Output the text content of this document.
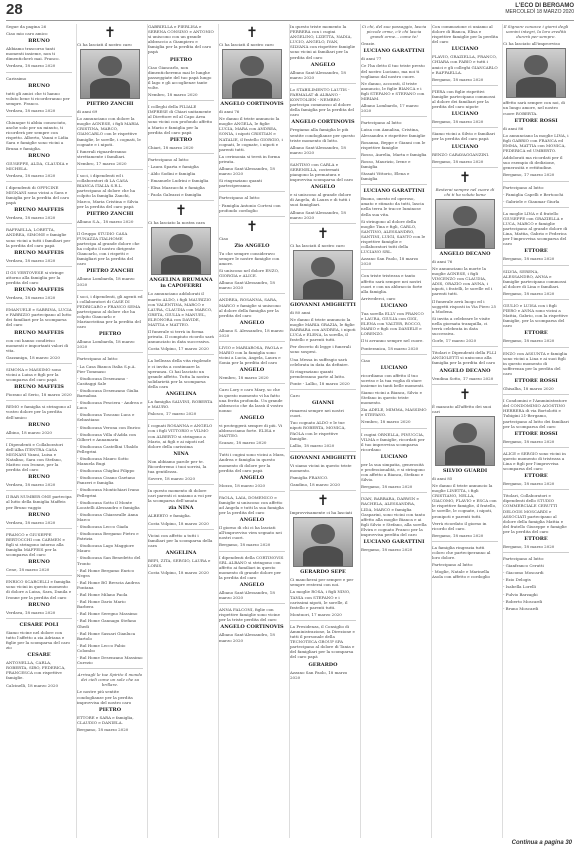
28	L'ECO DI BERGAMO
MERCOLEDÌ 18 MARZO 2020

Segue da pagina 26

Ciao mio caro amico

BRUNO

Abbiamo trascorso tanti momenti insieme, non ti dimenticherò mai. Franco.

Verdava, 18 marzo 2020

Carissimo

BRUNO

tutti gli amici che ti hanno voluto bene ti ricorderanno per sempre. Franco.

Verdava, 18 marzo 2020

Chiunque ti abbia conosciuto, anche solo per un minuto, ti ricorderà per sempre con rispetto. Alberto, Vanni e Lidia Sara e famiglie sono vicini a Bruna e famiglia.

BRUNO

GIUSEPPE, ALDA, CLAUDIA e MICHELA.

Verdava, 18 marzo 2020

I dipendenti di OFFICINE MIGNANI sono vicini a Sara e famiglia per la perdita del caro papà

BRUNO MAFFEIS

Verdava, 18 marzo 2020

RAFFAELLA, LORETTA, ANDREA, SIMONE e famiglie sono vicini a tutti i familiari per la perdita del caro papà

BRUNO MAFFEIS

Verdava, 18 marzo 2020

Il GS VERTOVESE si stringe attorno alla famiglia per la perdita del caro

BRUNO MAFFEIS

Verdava, 18 marzo 2020

EMANUELE e SABRINA, LUCIA e FABRIZIO partecipano al lutto dei familiari per la scomparsa del caro

BRUNO MAFFEIS

con cui hanno condiviso momenti e importanti valori di vita.

Gazzaniga, 18 marzo 2020

SIMONA e MASSIMO sono vicini a Luisa e figli per la scomparsa del caro papà

BRUNO MAFFEIS

Fiorano al Serio, 18 marzo 2020

REMO e famiglia si stringono al vostro dolore per la perdita dell'amico

BRUNO

Albino, 18 marzo 2020

I Dipendenti e Collaboratori dell'Alba ITENTRA CASA MIGNANI Vanni, Luisa e Natalino, Sara con Stefano, Matteo con Ivonne, per la perdita del caro

BRUNO

Verdava, 18 marzo 2020

Il BAR NUMBER ONE partecipa al lutto della famiglia Maffeis per Bruno vaggio

BRUNO

Verdava, 18 marzo 2020

FRANCO e GIUSEPPE BERTOCCHI con CARMEN e figli si stringono intorno alla famiglia MAFFEIS per la scomparsa del caro

BRUNO

Cene, 18 marzo 2020

ENRICO SCARCELLI e famiglia sono vicini in questo momento di dolore a Luisa, Sara, Danila e Ivonne per la perdita del caro

BRUNO

Verdava, 18 marzo 2020

CESARE POLI

Siamo vicine nel dolore con tutto l'affetto a zia Adriana e figlie per la scomparsa del caro zio

CESARE

ANTONELLA, CARLA, ROBERTA, SIRO, FEDERICA, FRANCESCA con rispettive famiglie.

Calcinelli, 18 marzo 2020

✝

Ci ha lasciati il nostro caro

PIETRO ZANCHI

di anni 69

Lo annunciano con dolore la moglie AGNESE, i figli MARIA CRISTINA, MARCO, GIANCARLO con le rispettive famiglie, le sorelle, i cognati, le cognate e i nipoti.

I funerali riguarderanno strettamente i familiari.

Nembro, 17 marzo 2020

I soci, i dipendenti ed i collaboratori di LA CASA BIANCA ITALIA S.R.L. partecipano al dolore che ha colpito la famiglia Zanchi, Marco, Maria Cristina e Silvia per la perdita del caro papà

PIETRO ZANCHI

Albano S.A., 18 marzo 2020

Il Gruppo STUDIO CASA FUNAZZA ITALHOME partecipa al grande dolore che ha colpito il nostro dirigente Giancarlo, con i rispetti e famigliari per la perdita del caro

PIETRO ZANCHI

Albano Lombarda, 18 marzo 2020

I soci, i dipendenti, gli agenti ed i collaboratori di CASE DI FEDRICARO e FRANCO SEMA partecipano al dolore che ha colpito Giancarlo e Mariacristina per la perdita del caro

PIETRO

Albano Lombarda, 18 marzo 2020

Partecipano al lutto:

- La Casa Bianca Italia S.p.A. Pier Tommaso

- Studiocasa Desenzano - Casitaggi Sale

- Studiocasa Desenzano Giulia Barnaboa

- Studiocasa Pesciera - Andrea e Luca

- Studiocasa Toscano Luca e Sebastiano

- Studiocasa Verona con Enrico

- Studiocasa Villa d'Adda con Gilbert e Annamaria

- Studiocasa Castellini Ubaldo Pellegrini

- Studiocasa Mauro Sotto Manuela Bugi

- Studiocasa Chiglini Filippo

- Studiocasa Cisano Gaetano Panzeri e famiglia

- Studiocasa Montichiari Ivano Pellegrini

- Studiocasa Sotto il Monte Locatelli Alessandro e famiglia

- Studiocasa Chiaravalle Anna Marco

- Studiocasa Lecco Giada

- Studiocasa Bergamo Pietro e Patrizia

- Studiocasa Lago Maggiore Mauro

- Studiocasa San Benedetto del Tronto

- Rul Home Bergamo Enrico Negra

- Rul Home BG Brescia Andrea Fontana

- Rul Home Milano Paola

- Rul Home Dario Mario Barbera

- Rul Home Seregno Massimo

- Rul Home Gannagu Stefano Ghedi

- Rul Home Sassari Gianluca Bartolo

- Rul Home Lecco Fabio Colombo

- Rul Home Desenzano Massimo Curezio

Arrivagli le tue Spirito il mondo dei cieli come un sole che sa brillare.

Le nostre più sentite condoglianze per la perdita improvvisa del nostro caro

PIETRO

ETTORE e SARA e famiglia, CLAUDIO e DANIELA.

Bergamo, 18 marzo 2020

GABRIELLA e PIERLISA e SERENA CONSINO e ANTONIO si uniscono con un grande abbraccio a Giampiero e famiglia per la perdita del caro papà

PIETRO

Ciao Giancarlo, non dimenticheremo mai le lunghe passeggiate del tuo papà lungo il lago e gli accoglienze tante volte.

Nembro, 18 marzo 2020

I colleghi della FILIALE IMPRESE di Chiari unitamente al Direttore ed al Capo Area sono vicini con profondo affetto a Mario e famiglia per la perdita del caro papà

PIETRO

Chiari, 18 marzo 2020

Partecipano al lutto:

- Laura Sparta e famiglia

- Aldo Sodini e famiglia

- Emanuele Ludrini e famiglia

- Elisa Mazzucchi e famiglia

- Paola Galeazzi e famiglia

✝

Ci ha lasciato la nostra cara

ANGELINA BRUMANA in CAPOFERRI

Lo annunciano addolorati il marito ALDO, i figli MAURIZIO con VALENTINA, MARCO e LAURA, CLAUDIA con MARCO, GRETA, GIULIA e MANUEL, ELEONORA con DAVIDE, MATTIA e MATTEO.

Il funerale si terrà in forma privata. Il compiuto ricordo sarà annunciato in data successiva.

Costa Volpino, 17 marzo 2020

La bellezza della vita risplende e ci invita a continuare la speranza. Ci hai lasciato un grande affetto. Tutta la nostra solidarietà per la scomparsa della cara

ANGELINA

La famiglia SALVINI, ROBERTA e MAURO.

Palosco, 17 marzo 2020

I cognati ROSANNA e ANGELO con i figli VITTORIO e VILMO con ALBERTO si stringono a Mario, ai figli e ai nipoti nel dolore della carissima

NINA

Non abbiamo parole per te. Ricorderemo i tuoi sorrisi, la tua gentilezza.

Sovere, 18 marzo 2020

In questo momento di dolore cari parenti ci uniamo a voi per la scomparsa dell'amata

zia NINA

ALBERTO e famiglia.

Costa Volpino, 18 marzo 2020

Vicini con affetto a tutti i familiari per la scomparsa della cara

ANGELINA

BEPI, ZITA, SERGIO, LAURA e LORIS.

Costa Volpino, 18 marzo 2020

✝

Ci ha lasciati il nostro caro

ANGELO CORTINOVIS

di anni 76

Ne danno il triste annuncio la moglie ANGELA, le figlie LUCIA, MARA con ANDREA, SONIA, i nipoti CRISTIAN e NATALIE, il fratello GIORGIO, i cognati, le cognate, i nipoti e parenti tutti.

La cerimonia si terrà in forma privata.

Albano Sant'Alessandro, 18 marzo 2020

Si ringraziano quanti parteciperanno.

Partecipano al lutto:

- Famiglia Antonio Cortesi con profondo cordoglio

✝

Ciao

Zio ANGELO

Tu che sempre consideravo sempre le nostre famiglie con amore.

Si uniscono nel dolore ENZO, GIORGIA e ALICE.

Albano Sant'Alessandro, 18 marzo 2020

ANDREA, ROSANNA, SARA, MARCO e famiglie si uniscono al dolore della famiglia per la perdita del caro

ANGELO

Albano S. Alessandro, 18 marzo 2020

LIVIO e MARIAROSA, PAOLA e MARIO con la famiglia sono vicini a Lucia, Angela, Laura e Sonia per la perdita del caro

ANGELO

Nembro, 18 marzo 2020

Caro Lory e caro Mary, so che in questo momento vi ha fatto una ferita profonda. Un grande abbraccio che da lassù il vostro nonno

ANGELO

vi proteggerà sempre di più. Vi abbracciamo forte. ELISA e MATTEO.

Scanzo, 18 marzo 2020

Tutti i cugini sono vicini a Mara, Andrea e famiglia in questo momento di dolore per la perdita del caro papà

ANGELO

Mozzo, 18 marzo 2020

PAOLA, LAIA, DOMENICO e famiglie si uniscono con affetto ad Angela e tutti la sua famiglia per la perdita del caro

ANGELO

Il giorno di chi ci ha lasciati all'improvviso vien segnato nei nostri cuori.

Bergamo, 18 marzo 2020

I dipendenti della CORTINOVIS SRL ALBANO si stringono con affetto ai familiari in questo momento di grande dolore per la perdita del caro

ANGELO

Albano Sant'Alessandro, 18 marzo 2020

ANNA FALCONI, figlie con rispettive famiglie sono vicine per la triste perdita del caro

ANGELO CORTINOVIS

Albano Sant'Alessandro, 18 marzo 2020

In questo triste momento la FERRERA con i cugini ANGELINO, LIZETTA, NADIA, LUCIO, ANGELO, IVAN, SILVANA con rispettive famiglie sono vicini ai familiari per la perdita del caro

ANGELO

Albano Sant'Alessandro, 18 marzo 2020

Lo STABILIMENTO LAUTIS - FARMALAT di ALBANO - KONTOLIEN - NEMBRO partecipa commosso al dolore della famiglia per la perdita del caro

ANGELO CORTINOVIS

Pregiamo alla famiglia le più sentite condoglianze per questo triste momento di lutto.

Albano Sant'Alessandro, 18 marzo 2020

SANTINO con CARLA e SERENELLA, costernati piangono la prematura e improvvisa scomparsa del caro

ANGELO

e si uniscono al grande dolore di Angela, di Laura e di tutti i suoi famigliari.

Albano Sant'Alessandro, 18 marzo 2020

✝

Ci ha lasciati il nostro caro

GIOVANNI AMIGHETTI

di 80 anni

Ne danno il triste annuncio la moglie MARIA GRAZIA, le figlie BARBARA con ANDREA, i nipoti LUCA e ELENA, la sorella, il fratello e parenti tutti.

Per decreto di legge i funerali sono sospesi.

Una Messa in suffragio sarà celebrata in data da definire.

Si ringraziano quanti prenderanno parte al lutto.

Ponte - Lallio, 18 marzo 2020

Caro

GIANNI

rimarrai sempre nei nostri cuori.

Tuo cognato ALDO e le tue nipoti ROBERTA, MONICA, PAOLA con le rispettive famiglie.

Lallio, 18 marzo 2020

GIOVANNI AMIGHETTI

Vi siamo vicini in questo triste momento.

Famiglia FRANCO.

Gandino, 18 marzo 2020

✝

Improvvisamente ci ha lasciati

GERARDO SEPE

Ci mancherai per sempre e per sempre resterai con noi.

La moglie ROSA, i figli NINO, TANIA con STEFANO e i carissimi nipoti, le sorelle, il fratello e parenti tutti.

Montuori, 17 marzo 2020

La Presidenza, il Consiglio di Amministrazione, la Direzione e tutti il personale della TECNOTECA GROUP SPA partecipano al dolore di Tania e del famigliari per la scomparsa del caro papà

GERARDO

Azzano San Paolo, 18 marzo 2020

Ci chi, del suo passaggio, lascia piccole orme, c'è chi lascia grandi orme... come te!

Grazie.

LUCIANO GARATTINI

di anni 77

Ce l'ha detto il tuo triste presto del nostro Luciano, ma noi ti vogliamo dal nostro cuore.

Ne danno, accorati, il triste annuncio, le figlie BIANCA e i figli STEFANO e STEFANO con MIRIAM.

Albano Lombardo, 17 marzo 2020

Partecipano al lutto:

Luisa con Annalisa, Cristina, Alessandra e rispettive famiglie

Rosanna, Beppe e Gianni con le rispettive famiglie

Rosso, Aurelia, Marta e famiglia

Rosso, Maurizio, Irene e famiglia

Stasati Vittorio, Elena e famiglia

LUCIANO GARATTINI

Buono, onesto ed operoso, amato e stimato da tutti, lascia nella terra le tracce luminose della sua vita.

Si stringono al dolore della moglie Tina e figli, CARLO, SANTINO, ALESSANDRO, SANTINI, LUIGI, SANTO con le rispettive famiglie e collaboratori tutti della LUCIANO SRL.

Azzano San Paolo, 18 marzo 2020

Con triste tristezza e tanto affetto sarà sempre nei nostri cuori e con un abbraccio forte alla famiglia.

Arrivederci, caro

LUCIANO

Tua sorella ELLY con FRANCO e LAURA, GIULIA con GIGI, ELENA con VALTER, ROCCO, MARIO e figli con DANIELE e LORENZO.

Il ti avranno sempre nel cuore.

Ponteranica, 18 marzo 2020

Ciao

LUCIANO

ricordiamo con affetto il tuo sorriso e la tua voglia di stare insieme in tanti belle momenti.

Siamo vicini a Bianca, Silvio e Stefano in questo triste momento.

Zia ADELE, MIMMA, MASSIMO e STEFANO.

Nembro, 18 marzo 2020

I cugini ORNELLA, PINUCCIA, VILMA e famiglie, ricordati per il tuo improvvisa scomparsa ricordano

LUCIANO

per la sua simpatia, generosità e professionalità, e si stringono con affetto a Bianca, Stefano e Silvio.

Bergamo, 18 marzo 2020

IVAN, BARBARA, DARWIN e RACHELA, ALESSANDRA, LIDA, MARCO e famiglia Gasparini, sono vicini con tanto affetto alla moglie Bianca e ai figli Silvio e Stefano, alla sorella Elvira e cognato Franco per la improvvisa perdita del caro

LUCIANO GARATTINI

Bergamo, 18 marzo 2020

Con commozione ci uniamo al dolore di Bianca, Elisa e rispettive famiglie per la perdita del caro

LUCIANO

FLAVIO, GRAZIELLA, FRANCO, CHIARA con FABIO e tutti i amici e gli colleghi GIANCARLO e RAFFAELLA.

Bergamo, 18 marzo 2020

FIERA con figlie rispettivi famiglie partecipano commossi al dolore dei familiari per la perdita del caro nipote

LUCIANO

Bergamo, 18 marzo 2020

Siamo vicini a Silvio e familiari per la perdita del caro papà

LUCIANO

RENZO CARAVAGGANZINI.

Bergamo, 18 marzo 2020

✝

Resterai sempre nel cuore di chi ti ha voluto bene

ANGELO DECANO

di anni 76

Ne annunciano la morte la moglie AGNESE, i figli VINCENZO con CLAUDIA, ADIS, ORAZIO con ANNA, i nipoti, i fratelli, le sorelle ed i parenti tutti.

Il funerale avrà luogo ed i soggetti risposti in Via Piero 25 a Modena.

Si invita a celebrare le visite nella giornata tranquilla, ci terrà celebrata in data successiva.

Gorle, 17 marzo 2020

Titolari e Dipendenti della FLLI ANGIOLETTI si uniscono alla famiglia per la perdita del caro

ANGELO DECANO

Vendina Sotto, 17 marzo 2020

✝

È mancato all'affetto dei suoi cari

SILVIO GUARDI

di anni 85

Ne danno il triste annuncio la moglie LINETTA, i figli CRISTIANO, NELLA, GIACOMO, FLAVIO e ESCA con le rispettive famiglie, il fratello, le sorelle, le cognate, i nipoti, pronipoti e parenti tutti.

Verrà ricordato il giorno in ricordo del caro.

Bergamo, 18 marzo 2020

La famiglia ringrazia tutti coloro che parteciperanno al loro dolore.

Partecipano al lutto:

- Moglie, Natale e Marinella Asola con affetto e cordoglio

Il Signore conosce i giorni degli uomini integri, la loro eredità durerà per sempre.

Ci ha lasciato all'improvviso

affetto sarà sempre con noi, di un lungo amore, nel nostro cuore ROBERTA.

ETTORE ROSSI

di anni 86

Lo annunciano la moglie LINA, i figli GABRIO con FRANCA ed EMMA, MATTIA con MONICA, FEDERICA ed UMBERTO.

Addolorati ma ricordati per il suo esempio di dedizione, generosità e rettitudine.

Bergamo, 17 marzo 2020

Partecipano al lutto:

- Famiglia Capelli e Bertoochi

- Gabriele e Gianmar Giurla

La moglie LINA e il fratello GIUSEPPE con GRAZIELLA e LUCA, MARCO e famiglie partecipano al grande dolore di Lina, Mattia, Gabrio e Federica per l'improvvisa scomparsa del caro

ETTORE

Bergamo, 18 marzo 2020

SILVIA, SERENA, ALESSANDRO, ANNA e famiglie partecipano commossi al dolore di Lina e familiari.

Bergamo, 18 marzo 2020

GIULIO e LUISA con i figli PIERO e ANNA sono vicini a Mattia, Gabrio, con la rispettive famiglie, per la scomparsa del caro

ETTORE

Bergamo, 18 marzo 2020

ENZO con ASSUNTA e famiglia sono vicini a Lina e ai suoi figli in questo momento di sofferenza per la perdita del caro

ETTORE ROSSI

Ghisalba, 18 marzo 2020

I Condomini e l'Amministratore del CONDOMINIO AGOSTINO HERRERA di via Bortolotti e Tubigini 21-Bergamo, partecipano al lutto dei familiari per la scomparsa del caro

ETTORE ROSSI

Bergamo, 18 marzo 2020

ALICE e SERGIO sono vicini in questo momento di tristezza a Lina e figli per l'improvvisa scomparsa del caro

ETTORE

Bergamo, 18 marzo 2020

Titolari, Collaboratori e dipendenti dello STUDIO COMMERCIALE CERUTTI DELOGIS MOSCARDI e ASSOCIATI partecipano al dolore della famiglia Mattia e del fratello Giuseppe e famiglie per la perdita del caro

ETTORE

Bergamo, 18 marzo 2020

Partecipano al lutto:

- Gianfranco Cerutti

- Giacomo Moscardi

- Ezio Delogis

- Isabella Lorelli

- Fulvio Barzaghi

- Roberto Moscardi

- Bruno Moscardi

Continua a pagina 30
